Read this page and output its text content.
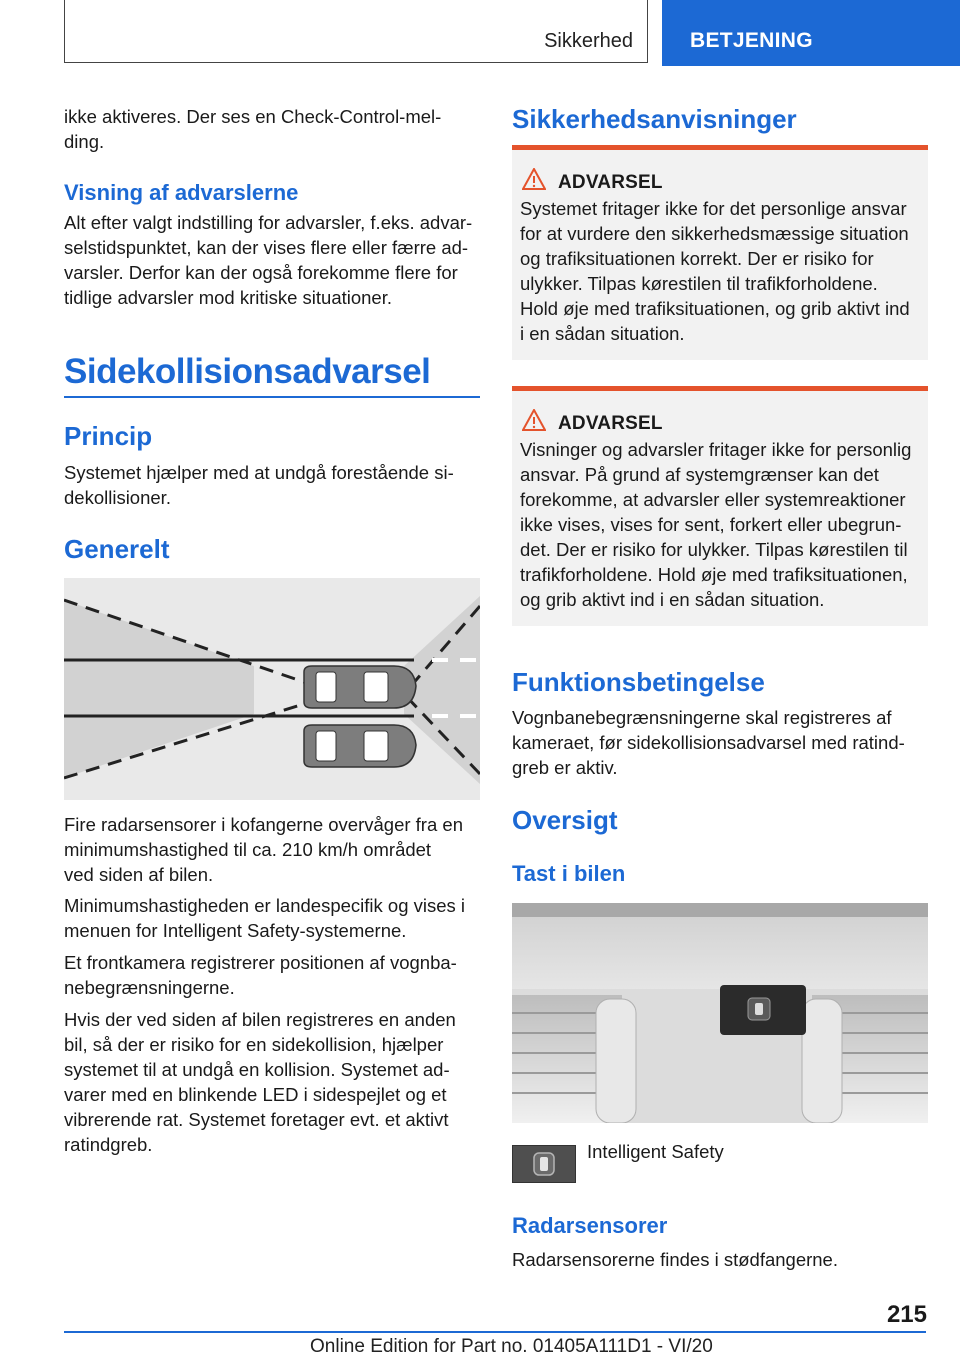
Sikkerhed	BETJENING

ikke aktiveres. Der ses en Check-Control-mel-

ding.

Visning af advarslerne

Alt efter valgt indstilling for advarsler, f.eks. advar-

selstidspunktet, kan der vises flere eller færre ad-

varsler. Derfor kan der også forekomme flere for

tidlige advarsler mod kritiske situationer.

Sidekollisionsadvarsel
Princip

Systemet hjælper med at undgå forestående si-

dekollisioner.

Generelt

Fire radarsensorer i kofangerne overvåger fra en

minimumshastighed til ca. 210 km/h området

ved siden af bilen.

Minimumshastigheden er landespecifik og vises i

menuen for Intelligent Safety-systemerne.

Et frontkamera registrerer positionen af vognba-

nebegrænsningerne.

Hvis der ved siden af bilen registreres en anden

bil, så der er risiko for en sidekollision, hjælper

systemet til at undgå en kollision. Systemet ad-

varer med en blinkende LED i sidespejlet og et

vibrerende rat. Systemet foretager evt. et aktivt

ratindgreb.

Sikkerhedsanvisninger
ADVARSEL
Systemet fritager ikke for det personlige ansvar
for at vurdere den sikkerhedsmæssige situation
og trafiksituationen korrekt. Der er risiko for
ulykker. Tilpas kørestilen til trafikforholdene.
Hold øje med trafiksituationen, og grib aktivt ind
i en sådan situation.
ADVARSEL
Visninger og advarsler fritager ikke for personlig
ansvar. På grund af systemgrænser kan det
forekomme, at advarsler eller systemreaktioner
ikke vises, vises for sent, forkert eller ubegrun-
det. Der er risiko for ulykker. Tilpas kørestilen til
trafikforholdene. Hold øje med trafiksituationen,
og grib aktivt ind i en sådan situation.
Funktionsbetingelse

Vognbanebegrænsningerne skal registreres af

kameraet, før sidekollisionsadvarsel med ratind-

greb er aktiv.

Oversigt
Tast i bilen
Intelligent Safety
Radarsensorer

Radarsensorerne findes i stødfangerne.

215
Online Edition for Part no. 01405A111D1 - VI/20
